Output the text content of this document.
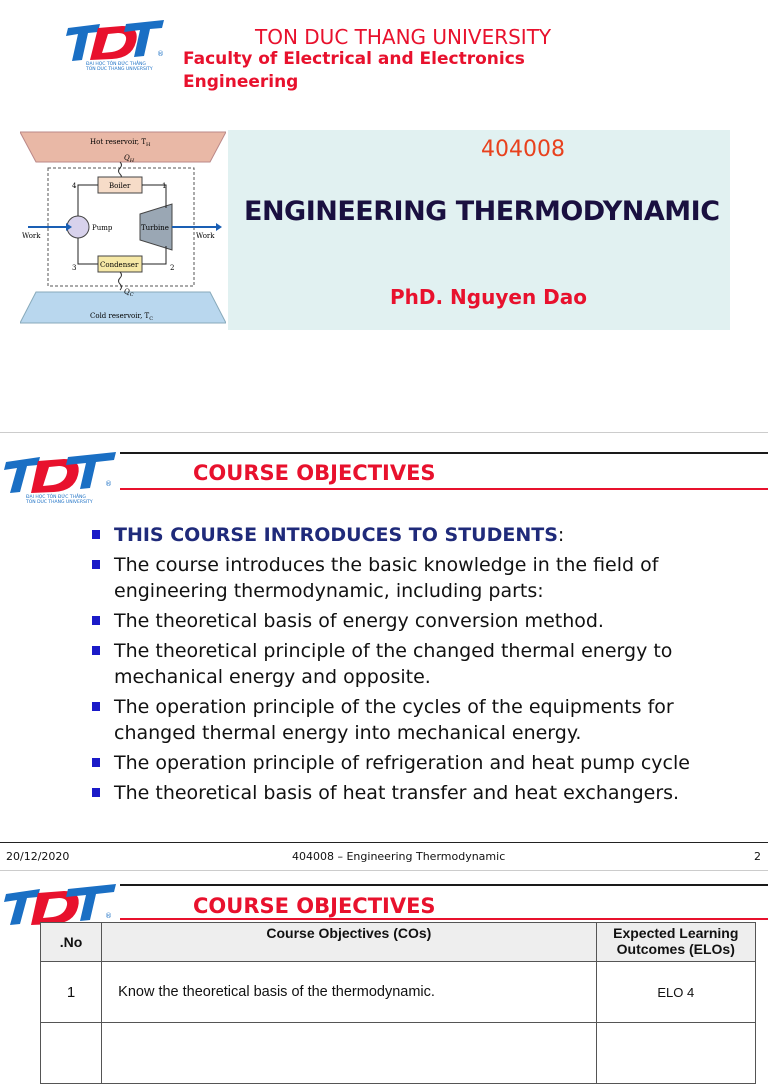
®
ĐẠI HỌC TÔN ĐỨC THẮNG
TON DUC THANG UNIVERSITY
TON DUC THANG UNIVERSITY
Faculty of Electrical and Electronics Engineering
Hot reservoir, $T_H$
Cold reservoir, $T_C$
$Q_H$
Boiler
Condenser
$Q_C$
Pump	Turbine
4	1
2
3
Work	Work
404008
ENGINEERING THERMODYNAMIC
PhD. Nguyen Dao
®
ĐẠI HỌC TÔN ĐỨC THẮNG
TON DUC THANG UNIVERSITY
COURSE OBJECTIVES
THIS COURSE INTRODUCES TO STUDENTS:
The course introduces the basic knowledge in the field of engineering thermodynamic, including parts:
The theoretical basis of energy conversion method.
The theoretical principle of the changed thermal energy to mechanical energy and opposite.
The operation principle of the cycles of the equipments for changed thermal energy into mechanical energy.
The operation principle of refrigeration and heat pump cycle
The theoretical basis of heat transfer and heat exchangers.
20/12/2020	404008 – Engineering Thermodynamic	2
®	COURSE OBJECTIVES
.No	Course Objectives (COs)	Expected Learning Outcomes (ELOs)
1	Know the theoretical basis of the thermodynamic.	ELO 4
